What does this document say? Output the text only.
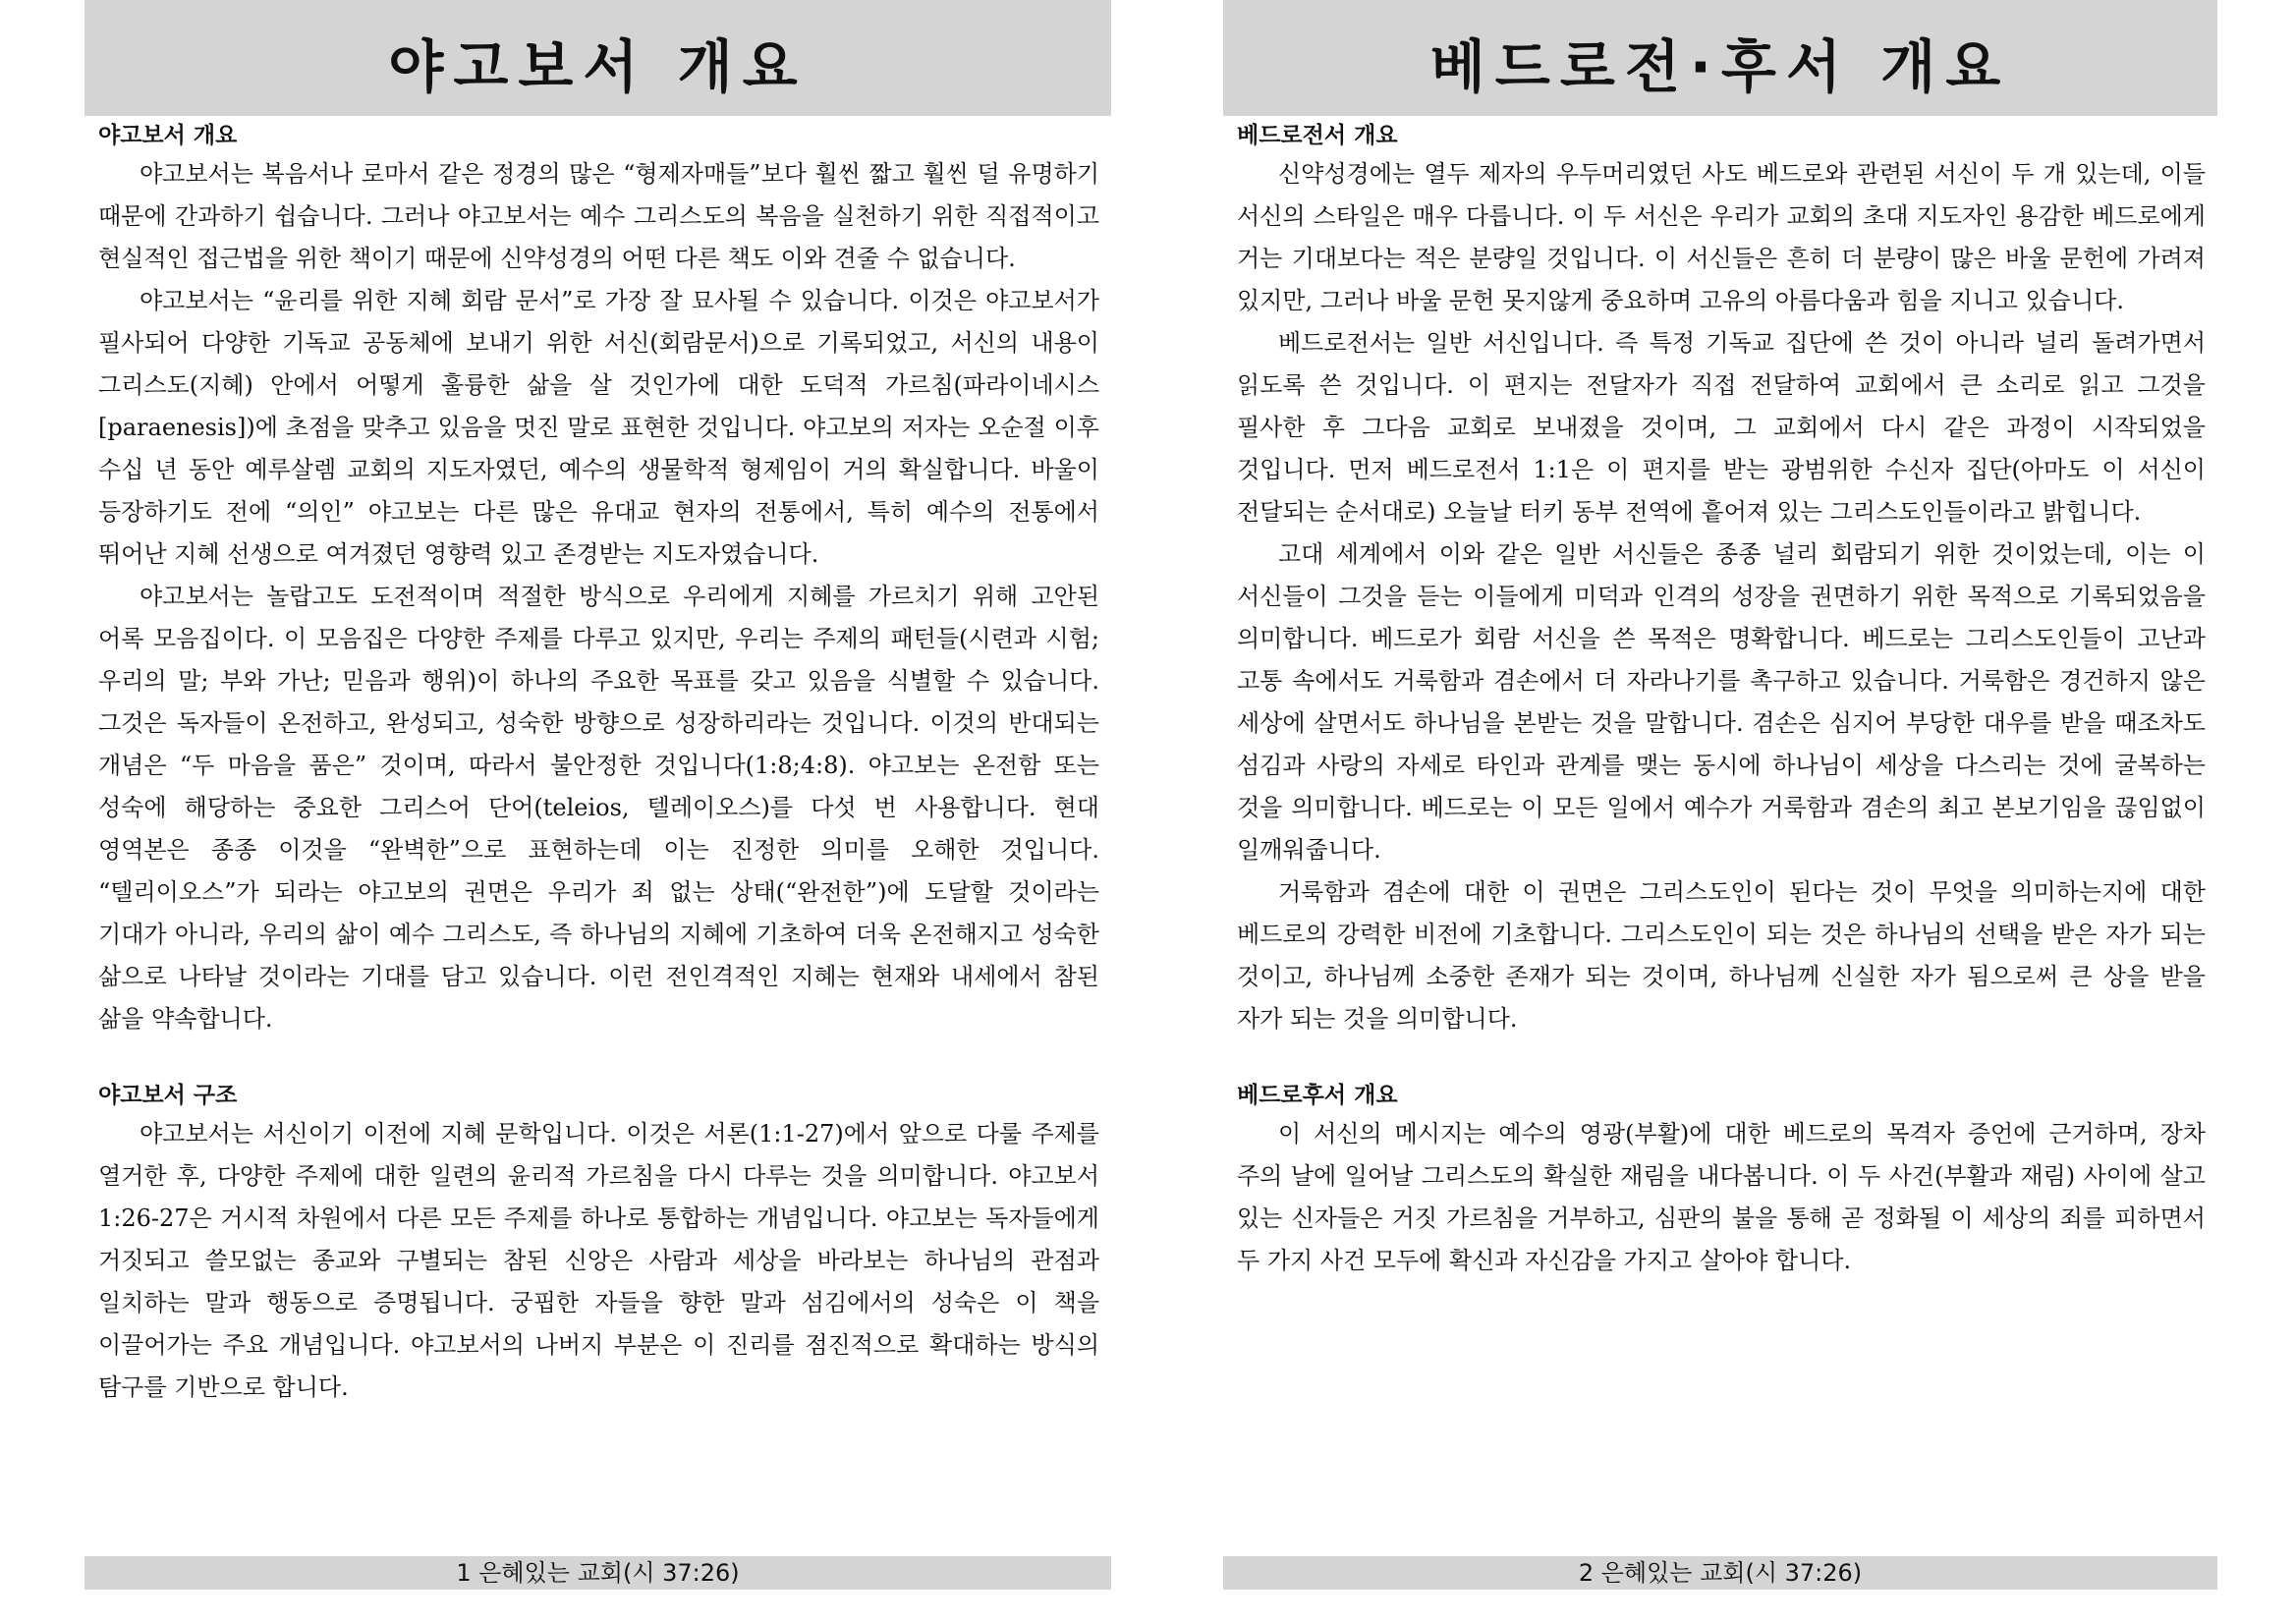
야고보서 개요
야고보서 개요

야고보서는 복음서나 로마서 같은 정경의 많은 “형제자매들”보다 훨씬 짧고 훨씬 덜 유명하기 때문에 간과하기 쉽습니다. 그러나 야고보서는 예수 그리스도의 복음을 실천하기 위한 직접적이고 현실적인 접근법을 위한 책이기 때문에 신약성경의 어떤 다른 책도 이와 견줄 수 없습니다.

야고보서는 “윤리를 위한 지혜 회람 문서”로 가장 잘 묘사될 수 있습니다. 이것은 야고보서가 필사되어 다양한 기독교 공동체에 보내기 위한 서신(회람문서)으로 기록되었고, 서신의 내용이 그리스도(지혜) 안에서 어떻게 훌륭한 삶을 살 것인가에 대한 도덕적 가르침(파라이네시스[paraenesis])에 초점을 맞추고 있음을 멋진 말로 표현한 것입니다. 야고보의 저자는 오순절 이후 수십 년 동안 예루살렘 교회의 지도자였던, 예수의 생물학적 형제임이 거의 확실합니다. 바울이 등장하기도 전에 “의인” 야고보는 다른 많은 유대교 현자의 전통에서, 특히 예수의 전통에서 뛰어난 지혜 선생으로 여겨졌던 영향력 있고 존경받는 지도자였습니다.

야고보서는 놀랍고도 도전적이며 적절한 방식으로 우리에게 지혜를 가르치기 위해 고안된 어록 모음집이다. 이 모음집은 다양한 주제를 다루고 있지만, 우리는 주제의 패턴들(시련과 시험; 우리의 말; 부와 가난; 믿음과 행위)이 하나의 주요한 목표를 갖고 있음을 식별할 수 있습니다. 그것은 독자들이 온전하고, 완성되고, 성숙한 방향으로 성장하리라는 것입니다. 이것의 반대되는 개념은 “두 마음을 품은” 것이며, 따라서 불안정한 것입니다(1:8;4:8). 야고보는 온전함 또는 성숙에 해당하는 중요한 그리스어 단어(teleios, 텔레이오스)를 다섯 번 사용합니다. 현대 영역본은 종종 이것을 “완벽한”으로 표현하는데 이는 진정한 의미를 오해한 것입니다. “텔리이오스”가 되라는 야고보의 권면은 우리가 죄 없는 상태(“완전한”)에 도달할 것이라는 기대가 아니라, 우리의 삶이 예수 그리스도, 즉 하나님의 지혜에 기초하여 더욱 온전해지고 성숙한 삶으로 나타날 것이라는 기대를 담고 있습니다. 이런 전인격적인 지혜는 현재와 내세에서 참된 삶을 약속합니다.

야고보서 구조

야고보서는 서신이기 이전에 지혜 문학입니다. 이것은 서론(1:1-27)에서 앞으로 다룰 주제를 열거한 후, 다양한 주제에 대한 일련의 윤리적 가르침을 다시 다루는 것을 의미합니다. 야고보서 1:26-27은 거시적 차원에서 다른 모든 주제를 하나로 통합하는 개념입니다. 야고보는 독자들에게 거짓되고 쓸모없는 종교와 구별되는 참된 신앙은 사람과 세상을 바라보는 하나님의 관점과 일치하는 말과 행동으로 증명됩니다. 궁핍한 자들을 향한 말과 섬김에서의 성숙은 이 책을 이끌어가는 주요 개념입니다. 야고보서의 나버지 부분은 이 진리를 점진적으로 확대하는 방식의 탐구를 기반으로 합니다.

1 은혜있는 교회(시 37:26)
베드로전·후서 개요
베드로전서 개요

신약성경에는 열두 제자의 우두머리였던 사도 베드로와 관련된 서신이 두 개 있는데, 이들 서신의 스타일은 매우 다릅니다. 이 두 서신은 우리가 교회의 초대 지도자인 용감한 베드로에게 거는 기대보다는 적은 분량일 것입니다. 이 서신들은 흔히 더 분량이 많은 바울 문헌에 가려져 있지만, 그러나 바울 문헌 못지않게 중요하며 고유의 아름다움과 힘을 지니고 있습니다.

베드로전서는 일반 서신입니다. 즉 특정 기독교 집단에 쓴 것이 아니라 널리 돌려가면서 읽도록 쓴 것입니다. 이 편지는 전달자가 직접 전달하여 교회에서 큰 소리로 읽고 그것을 필사한 후 그다음 교회로 보내졌을 것이며, 그 교회에서 다시 같은 과정이 시작되었을 것입니다. 먼저 베드로전서 1:1은 이 편지를 받는 광범위한 수신자 집단(아마도 이 서신이 전달되는 순서대로) 오늘날 터키 동부 전역에 흩어져 있는 그리스도인들이라고 밝힙니다.

고대 세계에서 이와 같은 일반 서신들은 종종 널리 회람되기 위한 것이었는데, 이는 이 서신들이 그것을 듣는 이들에게 미덕과 인격의 성장을 권면하기 위한 목적으로 기록되었음을 의미합니다. 베드로가 회람 서신을 쓴 목적은 명확합니다. 베드로는 그리스도인들이 고난과 고통 속에서도 거룩함과 겸손에서 더 자라나기를 촉구하고 있습니다. 거룩함은 경건하지 않은 세상에 살면서도 하나님을 본받는 것을 말합니다. 겸손은 심지어 부당한 대우를 받을 때조차도 섬김과 사랑의 자세로 타인과 관계를 맺는 동시에 하나님이 세상을 다스리는 것에 굴복하는 것을 의미합니다. 베드로는 이 모든 일에서 예수가 거룩함과 겸손의 최고 본보기임을 끊임없이 일깨워줍니다.

거룩함과 겸손에 대한 이 권면은 그리스도인이 된다는 것이 무엇을 의미하는지에 대한 베드로의 강력한 비전에 기초합니다. 그리스도인이 되는 것은 하나님의 선택을 받은 자가 되는 것이고, 하나님께 소중한 존재가 되는 것이며, 하나님께 신실한 자가 됨으로써 큰 상을 받을 자가 되는 것을 의미합니다.

베드로후서 개요

이 서신의 메시지는 예수의 영광(부활)에 대한 베드로의 목격자 증언에 근거하며, 장차 주의 날에 일어날 그리스도의 확실한 재림을 내다봅니다. 이 두 사건(부활과 재림) 사이에 살고 있는 신자들은 거짓 가르침을 거부하고, 심판의 불을 통해 곧 정화될 이 세상의 죄를 피하면서 두 가지 사건 모두에 확신과 자신감을 가지고 살아야 합니다.

2 은혜있는 교회(시 37:26)
